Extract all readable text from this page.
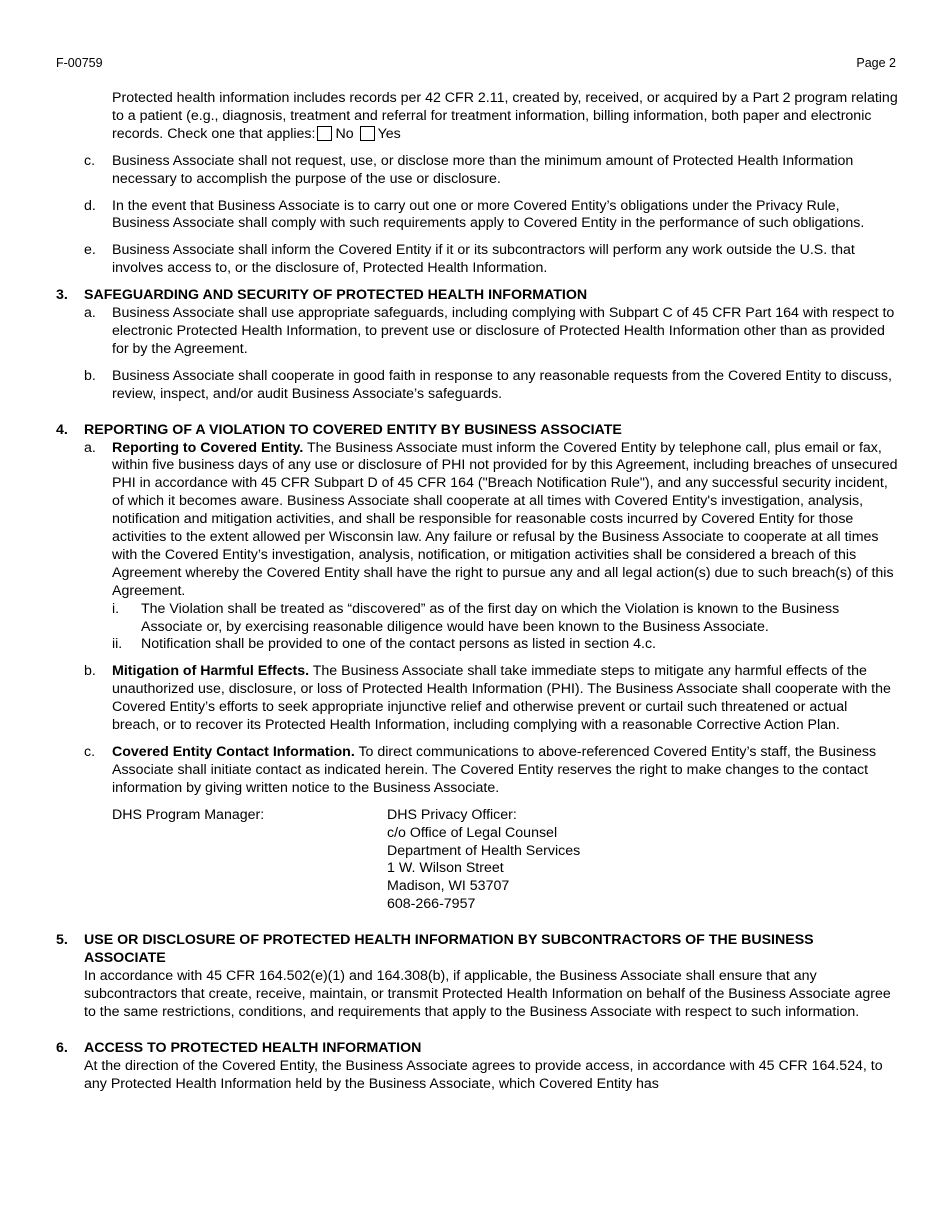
F-00759	Page 2

Protected health information includes records per 42 CFR 2.11, created by, received, or acquired by a Part 2 program relating to a patient (e.g., diagnosis, treatment and referral for treatment information, billing information, both paper and electronic records. Check one that applies: No Yes

c.	Business Associate shall not request, use, or disclose more than the minimum amount of Protected Health Information necessary to accomplish the purpose of the use or disclosure.
d.	In the event that Business Associate is to carry out one or more Covered Entity’s obligations under the Privacy Rule, Business Associate shall comply with such requirements apply to Covered Entity in the performance of such obligations.
e.	Business Associate shall inform the Covered Entity if it or its subcontractors will perform any work outside the U.S. that involves access to, or the disclosure of, Protected Health Information.
3.	SAFEGUARDING AND SECURITY OF PROTECTED HEALTH INFORMATION
a.	Business Associate shall use appropriate safeguards, including complying with Subpart C of 45 CFR Part 164 with respect to electronic Protected Health Information, to prevent use or disclosure of Protected Health Information other than as provided for by the Agreement.
b.	Business Associate shall cooperate in good faith in response to any reasonable requests from the Covered Entity to discuss, review, inspect, and/or audit Business Associate’s safeguards.
4.	REPORTING OF A VIOLATION TO COVERED ENTITY BY BUSINESS ASSOCIATE
a.	Reporting to Covered Entity. The Business Associate must inform the Covered Entity by telephone call, plus email or fax, within five business days of any use or disclosure of PHI not provided for by this Agreement, including breaches of unsecured PHI in accordance with 45 CFR Subpart D of 45 CFR 164 ("Breach Notification Rule"), and any successful security incident, of which it becomes aware. Business Associate shall cooperate at all times with Covered Entity's investigation, analysis, notification and mitigation activities, and shall be responsible for reasonable costs incurred by Covered Entity for those activities to the extent allowed per Wisconsin law. Any failure or refusal by the Business Associate to cooperate at all times with the Covered Entity’s investigation, analysis, notification, or mitigation activities shall be considered a breach of this Agreement whereby the Covered Entity shall have the right to pursue any and all legal action(s) due to such breach(s) of this Agreement.

i.	The Violation shall be treated as “discovered” as of the first day on which the Violation is known to the Business Associate or, by exercising reasonable diligence would have been known to the Business Associate.
ii.	Notification shall be provided to one of the contact persons as listed in section 4.c.
b.	Mitigation of Harmful Effects. The Business Associate shall take immediate steps to mitigate any harmful effects of the unauthorized use, disclosure, or loss of Protected Health Information (PHI). The Business Associate shall cooperate with the Covered Entity’s efforts to seek appropriate injunctive relief and otherwise prevent or curtail such threatened or actual breach, or to recover its Protected Health Information, including complying with a reasonable Corrective Action Plan.

c.	Covered Entity Contact Information. To direct communications to above-referenced Covered Entity’s staff, the Business Associate shall initiate contact as indicated herein. The Covered Entity reserves the right to make changes to the contact information by giving written notice to the Business Associate.

DHS Program Manager:	DHS Privacy Officer:
c/o Office of Legal Counsel
Department of Health Services
1 W. Wilson Street
Madison, WI 53707
608-266-7957
5.	USE OR DISCLOSURE OF PROTECTED HEALTH INFORMATION BY SUBCONTRACTORS OF THE BUSINESS ASSOCIATE

In accordance with 45 CFR 164.502(e)(1) and 164.308(b), if applicable, the Business Associate shall ensure that any subcontractors that create, receive, maintain, or transmit Protected Health Information on behalf of the Business Associate agree to the same restrictions, conditions, and requirements that apply to the Business Associate with respect to such information.

6.	ACCESS TO PROTECTED HEALTH INFORMATION

At the direction of the Covered Entity, the Business Associate agrees to provide access, in accordance with 45 CFR 164.524, to any Protected Health Information held by the Business Associate, which Covered Entity has
